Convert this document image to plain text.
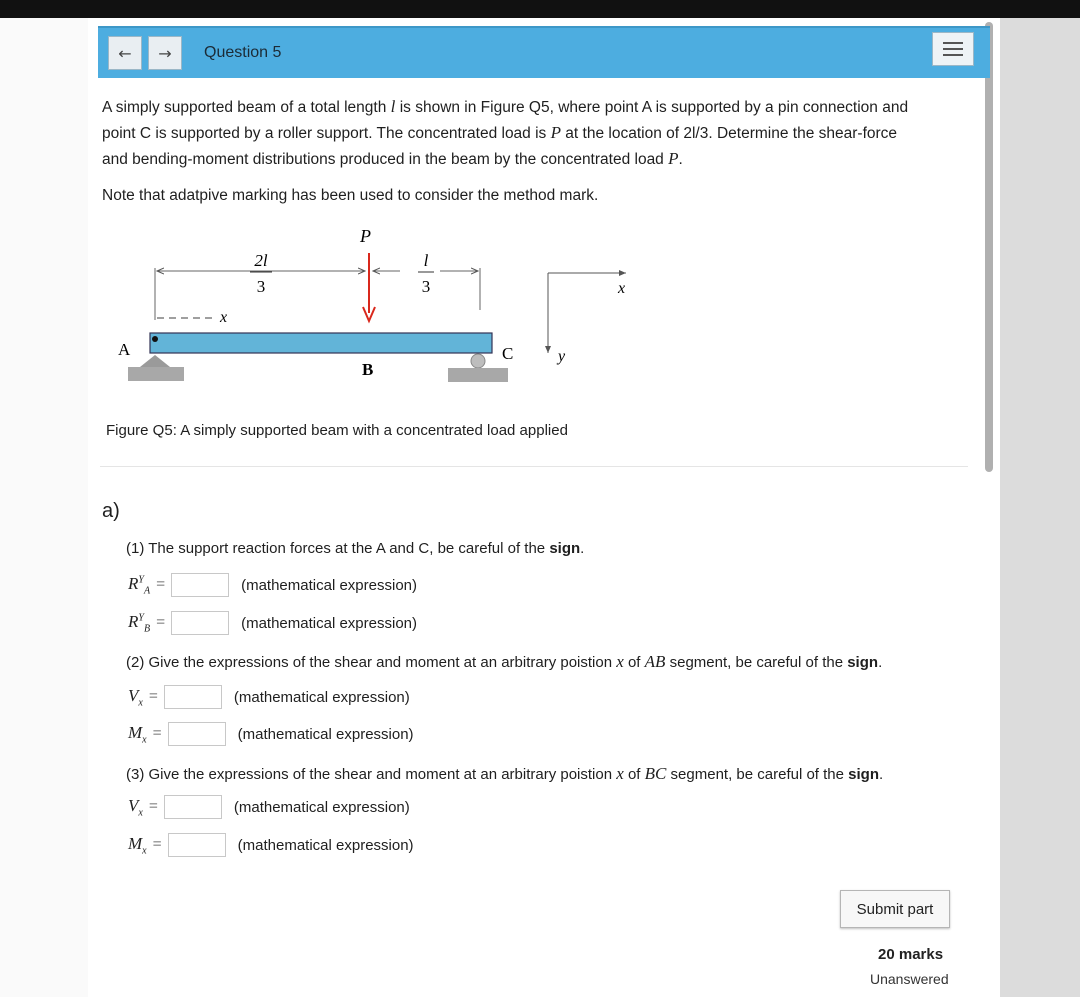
← → Question 5
A simply supported beam of a total length l is shown in Figure Q5, where point A is supported by a pin connection and
point C is supported by a roller support. The concentrated load is P at the location of 2l/3. Determine the shear-force
and bending-moment distributions produced in the beam by the concentrated load P.
Note that adatpive marking has been used to consider the method mark.
P
2l
3
l
3
x
A
B
C
x
y
Figure Q5: A simply supported beam with a concentrated load applied
a)
(1) The support reaction forces at the A and C, be careful of the sign.
$R^Y_A$ =	(mathematical expression)
$R^Y_B$ =	(mathematical expression)
(2) Give the expressions of the shear and moment at an arbitrary poistion x of AB segment, be careful of the sign.
$V_x$ =	(mathematical expression)
$M_x$ =	(mathematical expression)
(3) Give the expressions of the shear and moment at an arbitrary poistion x of BC segment, be careful of the sign.
$V_x$ =	(mathematical expression)
$M_x$ =	(mathematical expression)
Submit part
20 marks
Unanswered
